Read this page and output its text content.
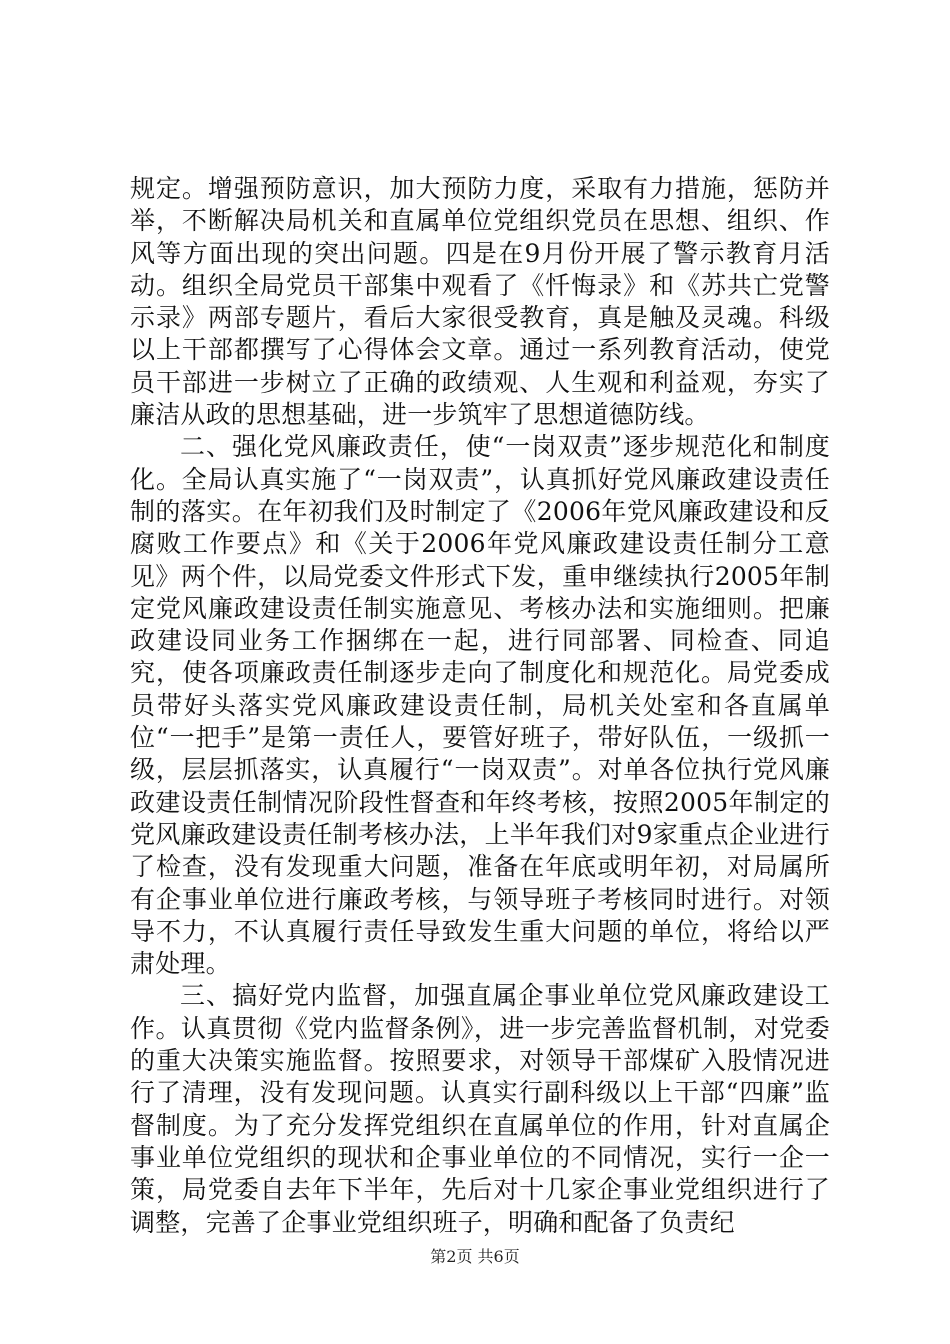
规定。增强预防意识，加大预防力度，采取有力措施，惩防并举，不断解决局机关和直属单位党组织党员在思想、组织、作风等方面出现的突出问题。四是在9月份开展了警示教育月活动。组织全局党员干部集中观看了《忏悔录》和《苏共亡党警示录》两部专题片，看后大家很受教育，真是触及灵魂。科级以上干部都撰写了心得体会文章。通过一系列教育活动，使党员干部进一步树立了正确的政绩观、人生观和利益观，夯实了廉洁从政的思想基础，进一步筑牢了思想道德防线。

二、强化党风廉政责任，使“一岗双责”逐步规范化和制度化。全局认真实施了“一岗双责”，认真抓好党风廉政建设责任制的落实。在年初我们及时制定了《2006年党风廉政建设和反腐败工作要点》和《关于2006年党风廉政建设责任制分工意见》两个件，以局党委文件形式下发，重申继续执行2005年制定党风廉政建设责任制实施意见、考核办法和实施细则。把廉政建设同业务工作捆绑在一起，进行同部署、同检查、同追究，使各项廉政责任制逐步走向了制度化和规范化。局党委成员带好头落实党风廉政建设责任制，局机关处室和各直属单位“一把手”是第一责任人，要管好班子，带好队伍，一级抓一级，层层抓落实，认真履行“一岗双责”。对单各位执行党风廉政建设责任制情况阶段性督查和年终考核，按照2005年制定的党风廉政建设责任制考核办法，上半年我们对9家重点企业进行了检查，没有发现重大问题，准备在年底或明年初，对局属所有企事业单位进行廉政考核，与领导班子考核同时进行。对领导不力，不认真履行责任导致发生重大问题的单位，将给以严肃处理。

三、搞好党内监督，加强直属企事业单位党风廉政建设工作。认真贯彻《党内监督条例》，进一步完善监督机制，对党委的重大决策实施监督。按照要求，对领导干部煤矿入股情况进行了清理，没有发现问题。认真实行副科级以上干部“四廉”监督制度。为了充分发挥党组织在直属单位的作用，针对直属企事业单位党组织的现状和企事业单位的不同情况，实行一企一策，局党委自去年下半年，先后对十几家企事业党组织进行了调整，完善了企事业党组织班子，明确和配备了负责纪

第2页 共6页
